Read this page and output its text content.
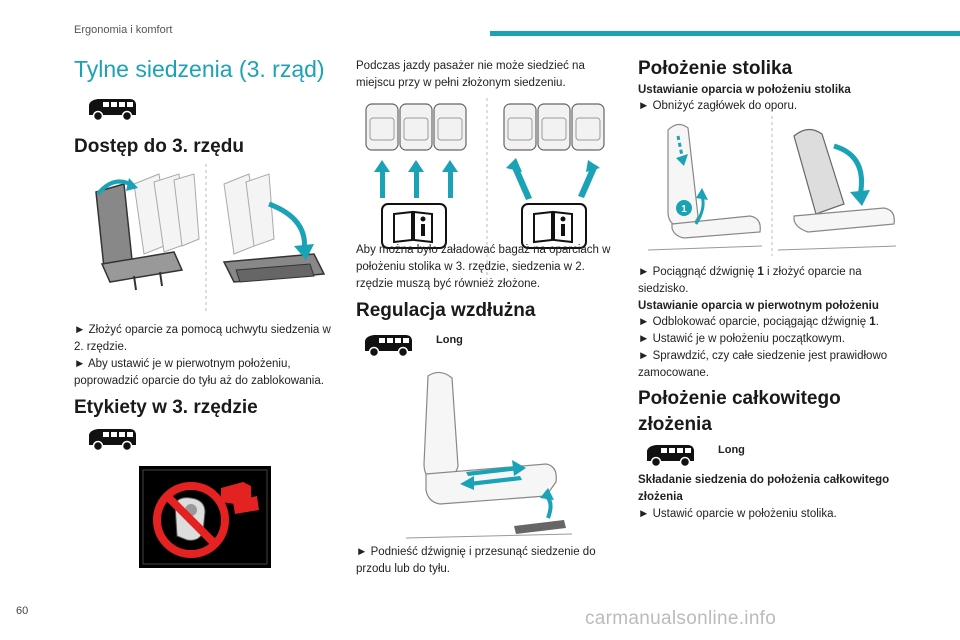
Ergonomia i komfort
60	carmanualsonline.info
Tylne siedzenia (3. rząd)
Dostęp do 3. rzędu

► Złożyć oparcie za pomocą uchwytu siedzenia w 2. rzędzie.

► Aby ustawić je w pierwotnym położeniu, poprowadzić oparcie do tyłu aż do zablokowania.

Etykiety w 3. rzędzie

Podczas jazdy pasażer nie może siedzieć na miejscu przy w pełni złożonym siedzeniu.

Aby można było załadować bagaż na oparciach w położeniu stolika w 3. rzędzie, siedzenia w 2. rzędzie muszą być również złożone.

Regulacja wzdłużna
Long

► Podnieść dźwignię i przesunąć siedzenie do przodu lub do tyłu.

Położenie stolika

Ustawianie oparcia w położeniu stolika

► Obniżyć zagłówek do oporu.

1

► Pociągnąć dźwignię 1 i złożyć oparcie na siedzisko.

Ustawianie oparcia w pierwotnym położeniu

► Odblokować oparcie, pociągając dźwignię 1.

► Ustawić je w położeniu początkowym.

► Sprawdzić, czy całe siedzenie jest prawidłowo zamocowane.

Położenie całkowitego
złożenia
Long

Składanie siedzenia do położenia całkowitego

złożenia

► Ustawić oparcie w położeniu stolika.
